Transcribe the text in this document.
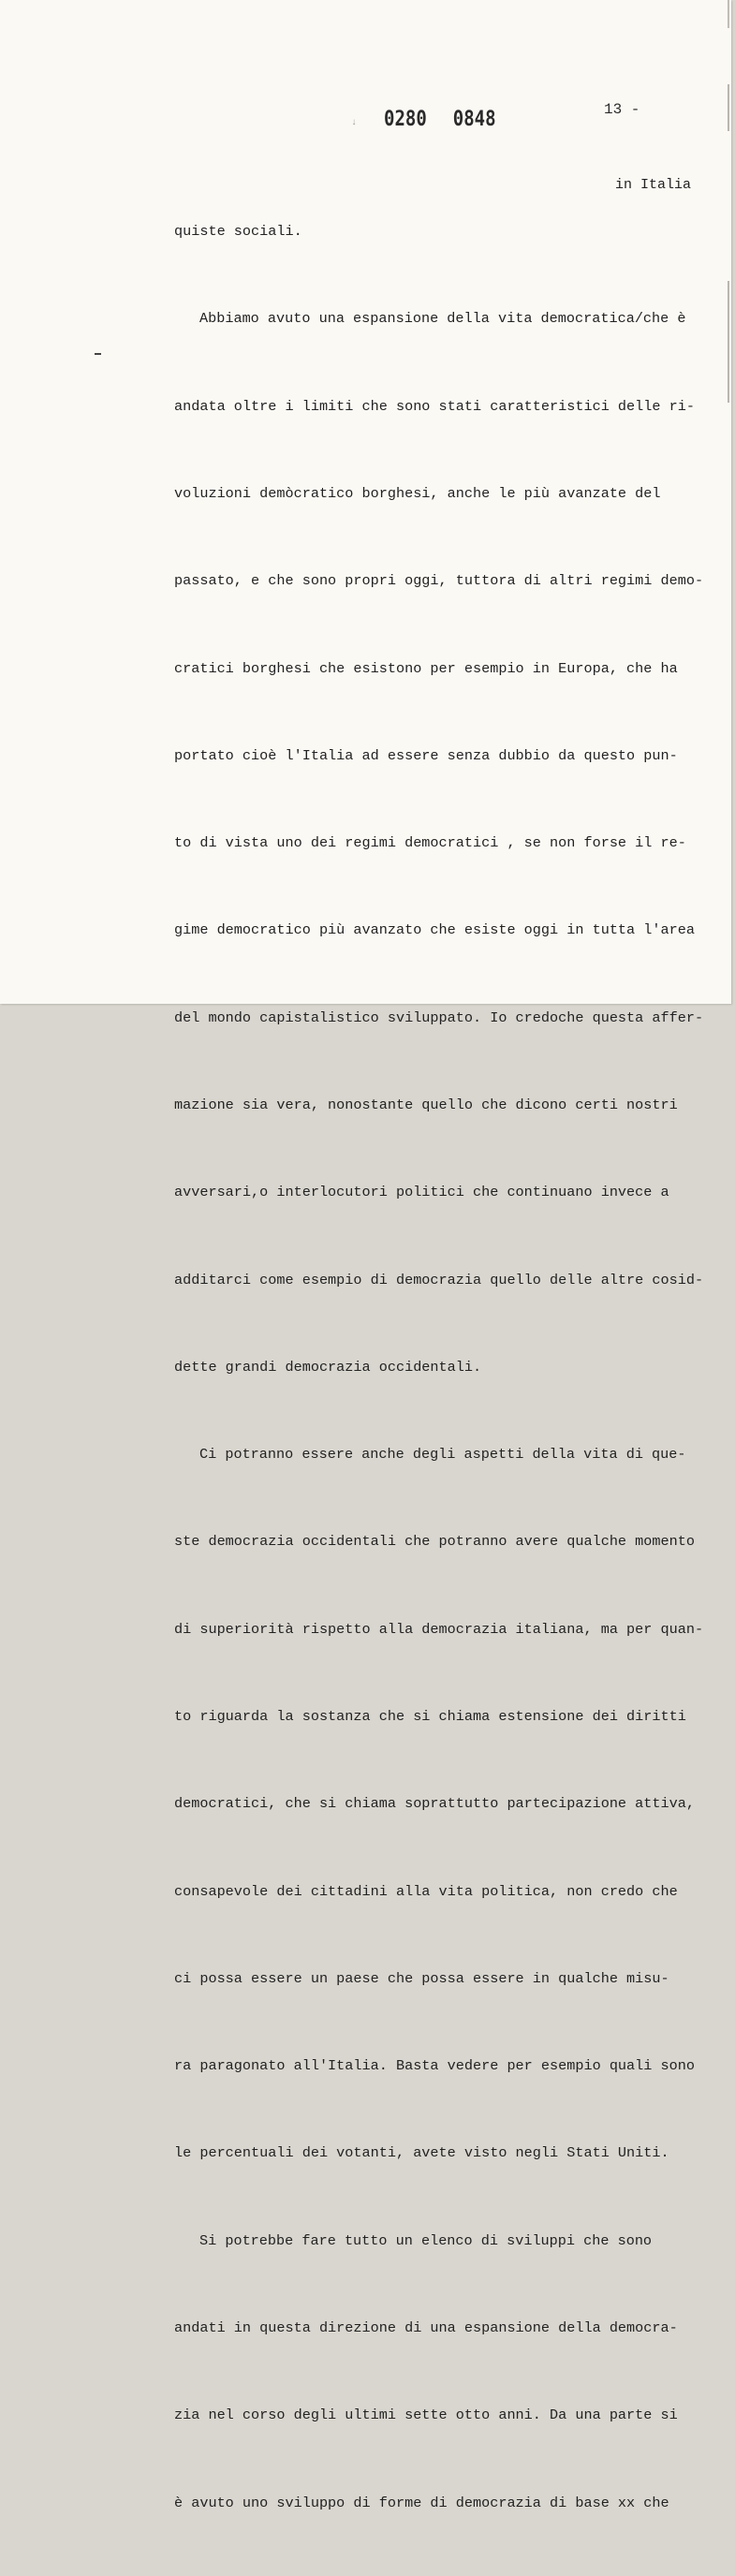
↓ 0280 0848	13 -
in Italia

quiste sociali.

Abbiamo avuto una espansione della vita democratica/che è

andata oltre i limiti che sono stati caratteristici delle ri-

voluzioni demòcratico borghesi, anche le più avanzate del

passato, e che sono propri oggi, tuttora di altri regimi demo-

cratici borghesi che esistono per esempio in Europa, che ha

portato cioè l'Italia ad essere senza dubbio da questo pun-

to di vista uno dei regimi democratici , se non forse il re-

gime democratico più avanzato che esiste oggi in tutta l'area

del mondo capistalistico sviluppato. Io credoche questa affer-

mazione sia vera, nonostante quello che dicono certi nostri

avversari,o interlocutori politici che continuano invece a

additarci come esempio di democrazia quello delle altre cosid-

dette grandi democrazia occidentali.

Ci potranno essere anche degli aspetti della vita di que-

ste democrazia occidentali che potranno avere qualche momento

di superiorità rispetto alla democrazia italiana, ma per quan-

to riguarda la sostanza che si chiama estensione dei diritti

democratici, che si chiama soprattutto partecipazione attiva,

consapevole dei cittadini alla vita politica, non credo che

ci possa essere un paese che possa essere in qualche misu-

ra paragonato all'Italia. Basta vedere per esempio quali sono

le percentuali dei votanti, avete visto negli Stati Uniti.

Si potrebbe fare tutto un elenco di sviluppi che sono

andati in questa direzione di una espansione della democra-

zia nel corso degli ultimi sette otto anni. Da una parte si

è avuto uno sviluppo di forme di democrazia di base xx che
